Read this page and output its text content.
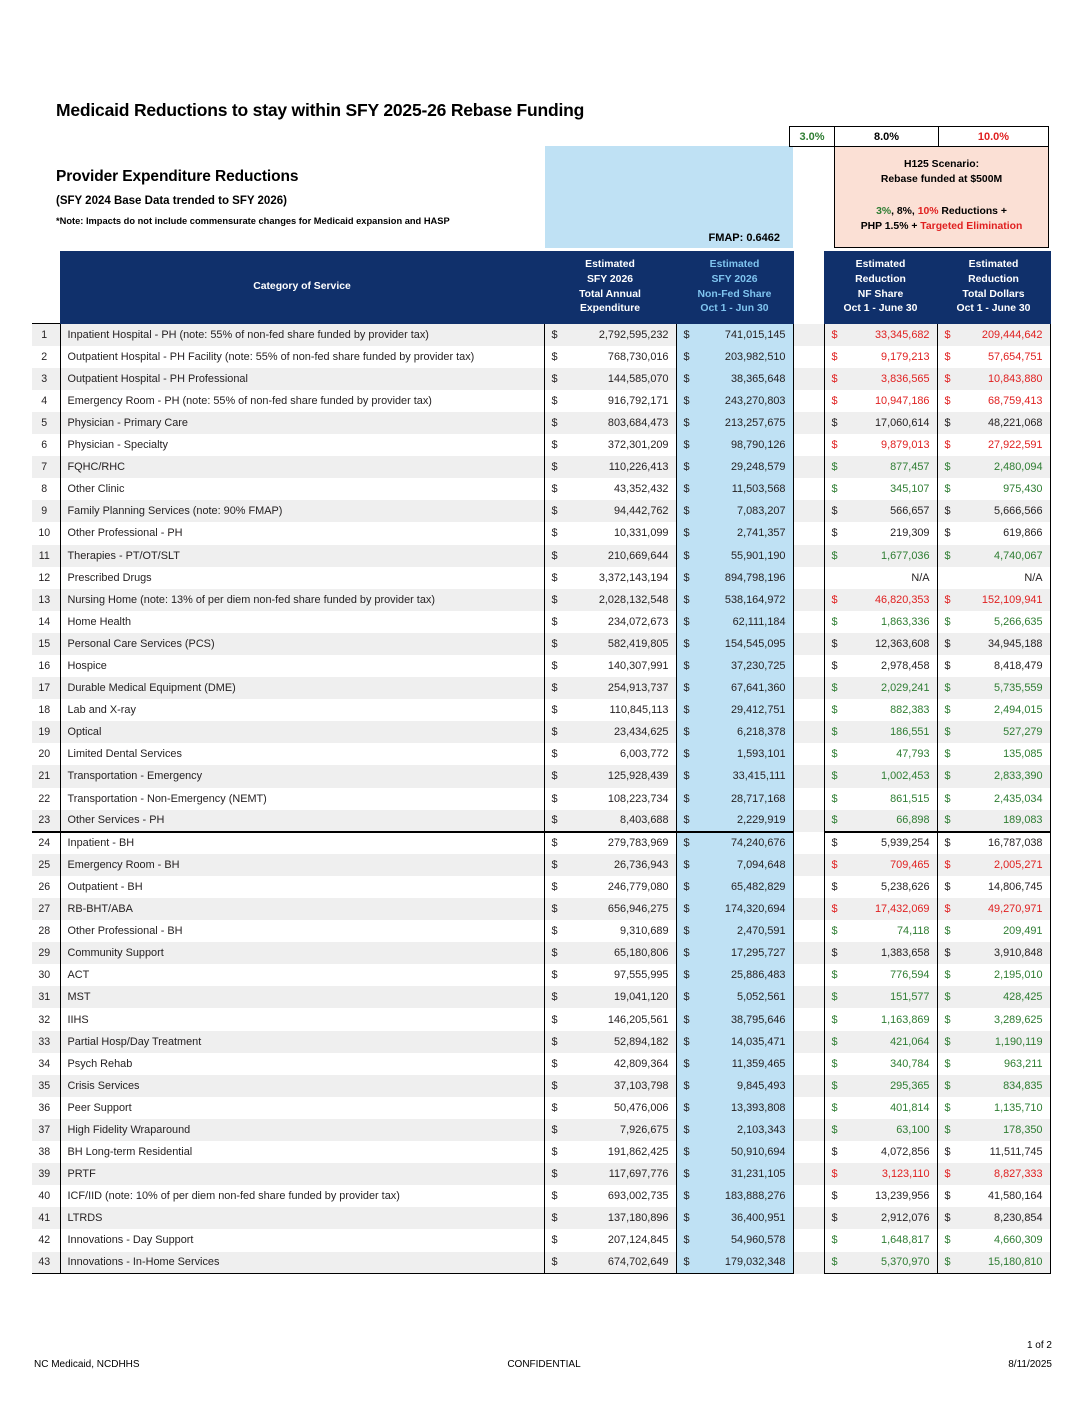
Medicaid Reductions to stay within SFY 2025-26 Rebase Funding
Provider Expenditure Reductions
(SFY 2024 Base Data trended to SFY 2026)
*Note: Impacts do not include commensurate changes for Medicaid expansion and HASP
FMAP: 0.6462
3.0%	8.0%	10.0%
H125 Scenario:
Rebase funded at $500M
3%, 8%, 10% Reductions +
PHP 1.5% + Targeted Elimination
	Category of Service	Estimated
SFY 2026
Total Annual
Expenditure	Estimated
SFY 2026
Non-Fed Share
Oct 1 - Jun 30		Estimated
Reduction
NF Share
Oct 1 - June 30	Estimated
Reduction
Total Dollars
Oct 1 - June 30
1	Inpatient Hospital - PH (note: 55% of non-fed share funded by provider tax)	$ 2,792,595,232	$ 741,015,145		$ 33,345,682	$ 209,444,642

2	Outpatient Hospital - PH Facility (note: 55% of non-fed share funded by provider tax)	$ 768,730,016	$ 203,982,510		$ 9,179,213	$ 57,654,751

3	Outpatient Hospital - PH Professional	$ 144,585,070	$ 38,365,648		$ 3,836,565	$ 10,843,880

4	Emergency Room - PH (note: 55% of non-fed share funded by provider tax)	$ 916,792,171	$ 243,270,803		$ 10,947,186	$ 68,759,413

5	Physician - Primary Care	$ 803,684,473	$ 213,257,675		$ 17,060,614	$ 48,221,068

6	Physician - Specialty	$ 372,301,209	$ 98,790,126		$ 9,879,013	$ 27,922,591

7	FQHC/RHC	$ 110,226,413	$ 29,248,579		$ 877,457	$ 2,480,094

8	Other Clinic	$ 43,352,432	$ 11,503,568		$ 345,107	$ 975,430

9	Family Planning Services (note: 90% FMAP)	$ 94,442,762	$ 7,083,207		$ 566,657	$ 5,666,566

10	Other Professional - PH	$ 10,331,099	$ 2,741,357		$ 219,309	$ 619,866

11	Therapies - PT/OT/SLT	$ 210,669,644	$ 55,901,190		$ 1,677,036	$ 4,740,067

12	Prescribed Drugs	$ 3,372,143,194	$ 894,798,196		N/A	N/A
13	Nursing Home (note: 13% of per diem non-fed share funded by provider tax)	$ 2,028,132,548	$ 538,164,972		$ 46,820,353	$ 152,109,941

14	Home Health	$ 234,072,673	$ 62,111,184		$ 1,863,336	$ 5,266,635

15	Personal Care Services (PCS)	$ 582,419,805	$ 154,545,095		$ 12,363,608	$ 34,945,188

16	Hospice	$ 140,307,991	$ 37,230,725		$ 2,978,458	$ 8,418,479

17	Durable Medical Equipment (DME)	$ 254,913,737	$ 67,641,360		$ 2,029,241	$ 5,735,559

18	Lab and X-ray	$ 110,845,113	$ 29,412,751		$ 882,383	$ 2,494,015

19	Optical	$ 23,434,625	$ 6,218,378		$ 186,551	$ 527,279

20	Limited Dental Services	$ 6,003,772	$ 1,593,101		$ 47,793	$ 135,085

21	Transportation - Emergency	$ 125,928,439	$ 33,415,111		$ 1,002,453	$ 2,833,390

22	Transportation - Non-Emergency (NEMT)	$ 108,223,734	$ 28,717,168		$ 861,515	$ 2,435,034

23	Other Services - PH	$ 8,403,688	$ 2,229,919		$ 66,898	$ 189,083

24	Inpatient - BH	$ 279,783,969	$ 74,240,676		$ 5,939,254	$ 16,787,038

25	Emergency Room - BH	$ 26,736,943	$ 7,094,648		$ 709,465	$ 2,005,271

26	Outpatient - BH	$ 246,779,080	$ 65,482,829		$ 5,238,626	$ 14,806,745

27	RB-BHT/ABA	$ 656,946,275	$ 174,320,694		$ 17,432,069	$ 49,270,971

28	Other Professional - BH	$ 9,310,689	$ 2,470,591		$ 74,118	$ 209,491

29	Community Support	$ 65,180,806	$ 17,295,727		$ 1,383,658	$ 3,910,848

30	ACT	$ 97,555,995	$ 25,886,483		$ 776,594	$ 2,195,010

31	MST	$ 19,041,120	$ 5,052,561		$ 151,577	$ 428,425

32	IIHS	$ 146,205,561	$ 38,795,646		$ 1,163,869	$ 3,289,625

33	Partial Hosp/Day Treatment	$ 52,894,182	$ 14,035,471		$ 421,064	$ 1,190,119

34	Psych Rehab	$ 42,809,364	$ 11,359,465		$ 340,784	$ 963,211

35	Crisis Services	$ 37,103,798	$ 9,845,493		$ 295,365	$ 834,835

36	Peer Support	$ 50,476,006	$ 13,393,808		$ 401,814	$ 1,135,710

37	High Fidelity Wraparound	$ 7,926,675	$ 2,103,343		$ 63,100	$ 178,350

38	BH Long-term Residential	$ 191,862,425	$ 50,910,694		$ 4,072,856	$ 11,511,745

39	PRTF	$ 117,697,776	$ 31,231,105		$ 3,123,110	$ 8,827,333

40	ICF/IID (note: 10% of per diem non-fed share funded by provider tax)	$ 693,002,735	$ 183,888,276		$ 13,239,956	$ 41,580,164

41	LTRDS	$ 137,180,896	$ 36,400,951		$ 2,912,076	$ 8,230,854

42	Innovations - Day Support	$ 207,124,845	$ 54,960,578		$ 1,648,817	$ 4,660,309

43	Innovations - In-Home Services	$ 674,702,649	$ 179,032,348		$ 5,370,970	$ 15,180,810
NC Medicaid, NCDHHS	CONFIDENTIAL
1 of 2
8/11/2025
